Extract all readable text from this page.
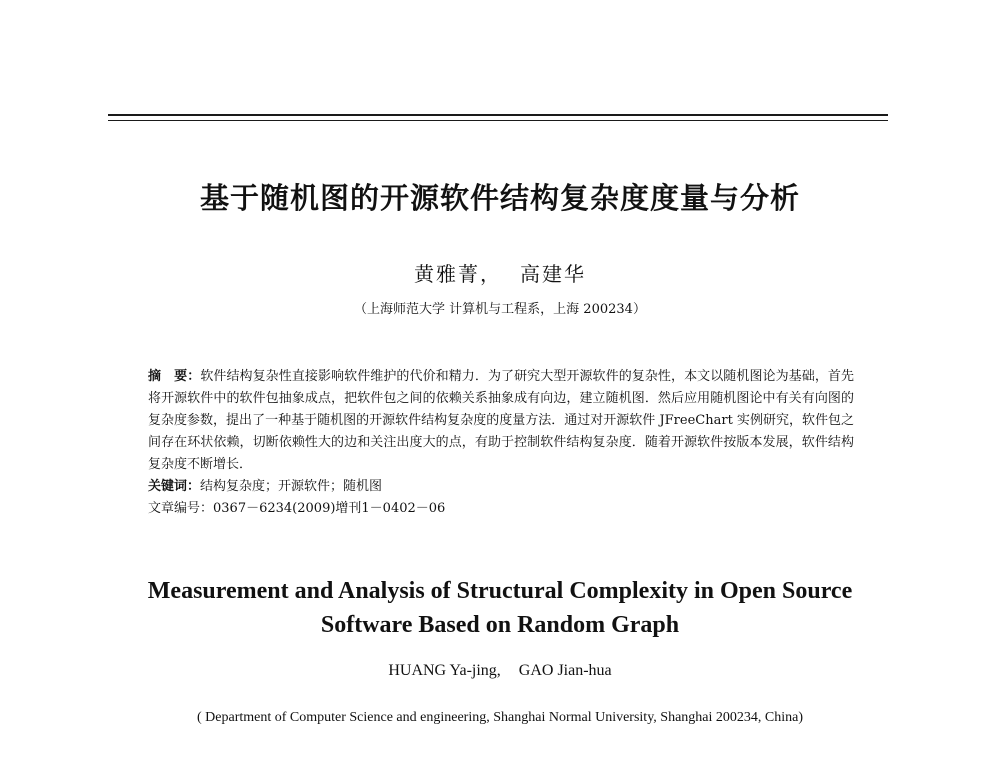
基于随机图的开源软件结构复杂度度量与分析
黄雅菁， 高建华
（上海师范大学 计算机与工程系，上海 200234）

摘　要：软件结构复杂性直接影响软件维护的代价和精力．为了研究大型开源软件的复杂性，本文以随机图论为基础，首先将开源软件中的软件包抽象成点，把软件包之间的依赖关系抽象成有向边，建立随机图．然后应用随机图论中有关有向图的复杂度参数，提出了一种基于随机图的开源软件结构复杂度的度量方法．通过对开源软件 JFreeChart 实例研究，软件包之间存在环状依赖，切断依赖性大的边和关注出度大的点，有助于控制软件结构复杂度．随着开源软件按版本发展，软件结构复杂度不断增长．

关键词：结构复杂度；开源软件；随机图

文章编号：0367－6234(2009)增刊1－0402－06

Measurement and Analysis of Structural Complexity in Open Source Software Based on Random Graph
HUANG Ya-jing, GAO Jian-hua
( Department of Computer Science and engineering, Shanghai Normal University, Shanghai 200234, China)
